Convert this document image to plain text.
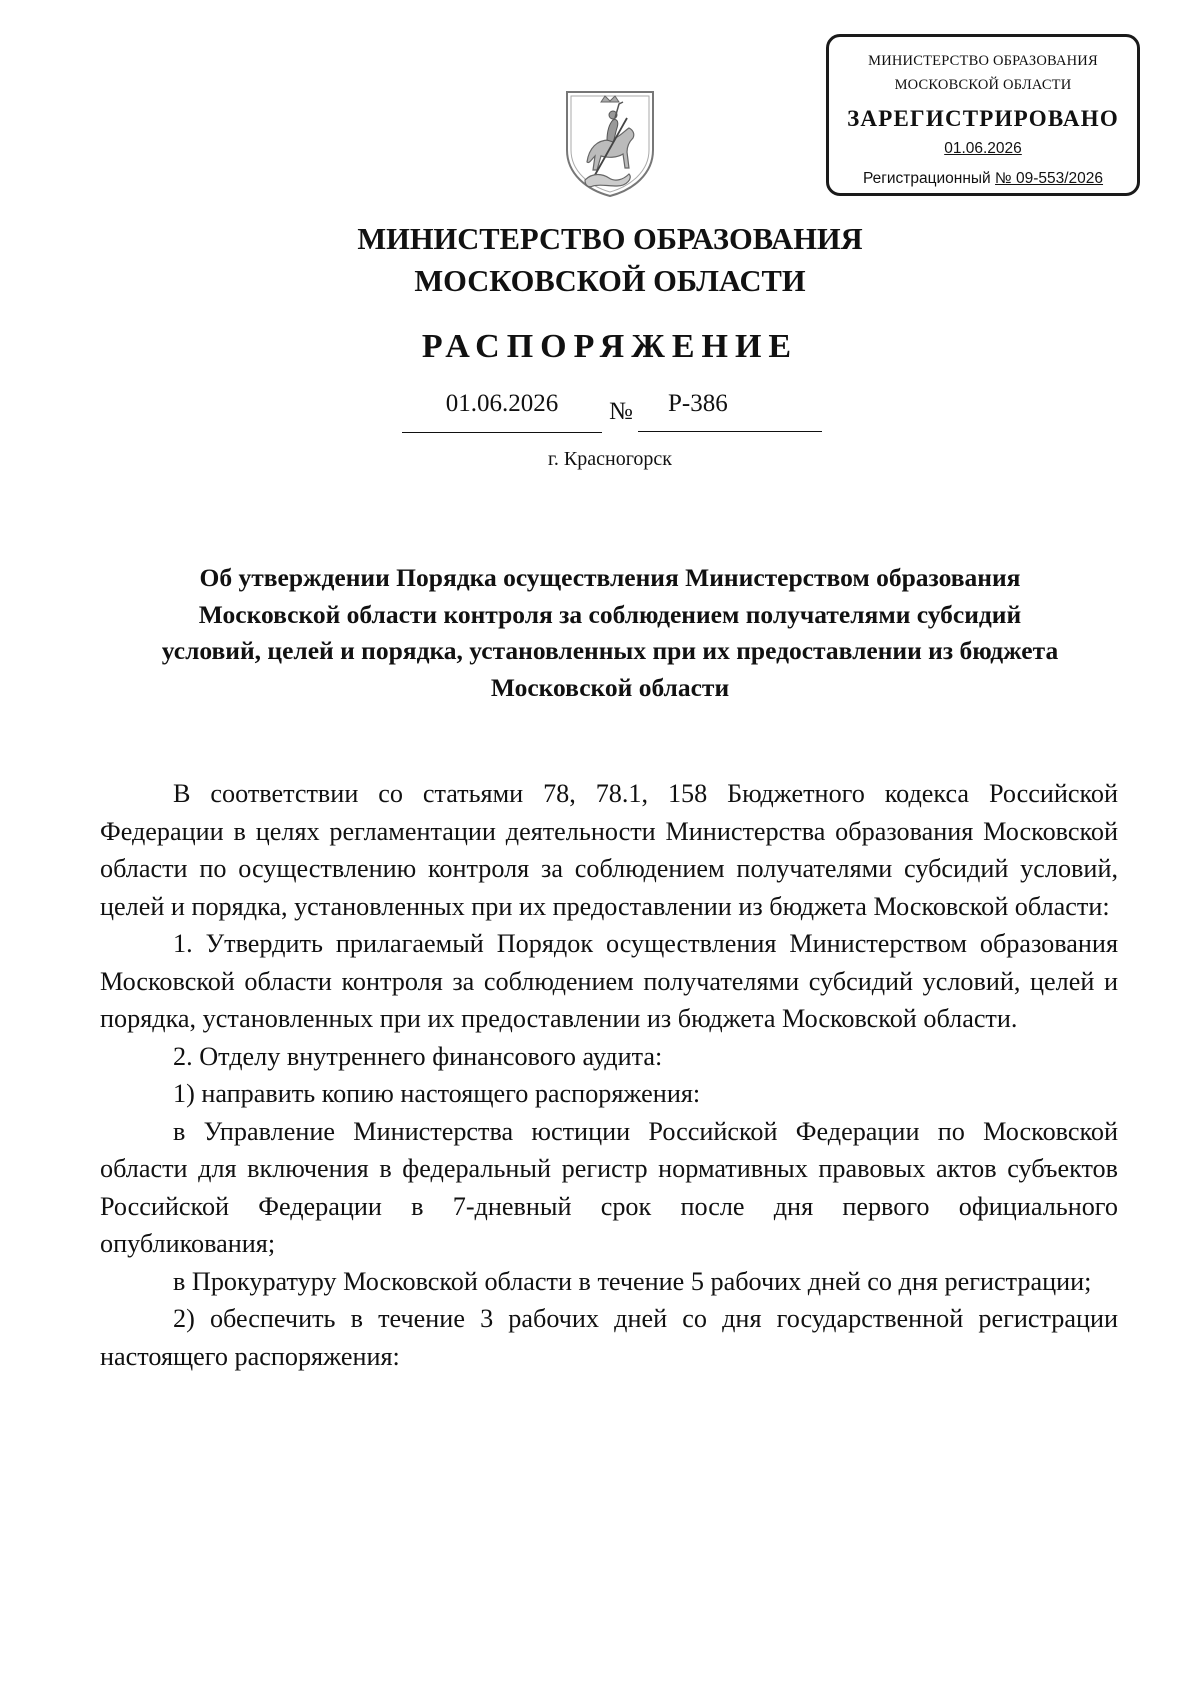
МИНИСТЕРСТВО ОБРАЗОВАНИЯ
МОСКОВСКОЙ ОБЛАСТИ
ЗАРЕГИСТРИРОВАНО
01.06.2026
Регистрационный № 09-553/2026
МИНИСТЕРСТВО ОБРАЗОВАНИЯ
МОСКОВСКОЙ ОБЛАСТИ
РАСПОРЯЖЕНИЕ
01.06.2026	№	Р-386
г. Красногорск
Об утверждении Порядка осуществления Министерством образования
Московской области контроля за соблюдением получателями субсидий
условий, целей и порядка, установленных при их предоставлении из бюджета
Московской области

В соответствии со статьями 78, 78.1, 158 Бюджетного кодекса Российской Федерации в целях регламентации деятельности Министерства образования Московской области по осуществлению контроля за соблюдением получателями субсидий условий, целей и порядка, установленных при их предоставлении из бюджета Московской области:

1. Утвердить прилагаемый Порядок осуществления Министерством образования Московской области контроля за соблюдением получателями субсидий условий, целей и порядка, установленных при их предоставлении из бюджета Московской области.

2. Отделу внутреннего финансового аудита:

1) направить копию настоящего распоряжения:

в Управление Министерства юстиции Российской Федерации по Московской области для включения в федеральный регистр нормативных правовых актов субъектов Российской Федерации в 7-дневный срок после дня первого официального опубликования;

в Прокуратуру Московской области в течение 5 рабочих дней со дня регистрации;

2) обеспечить в течение 3 рабочих дней со дня государственной регистрации настоящего распоряжения:
